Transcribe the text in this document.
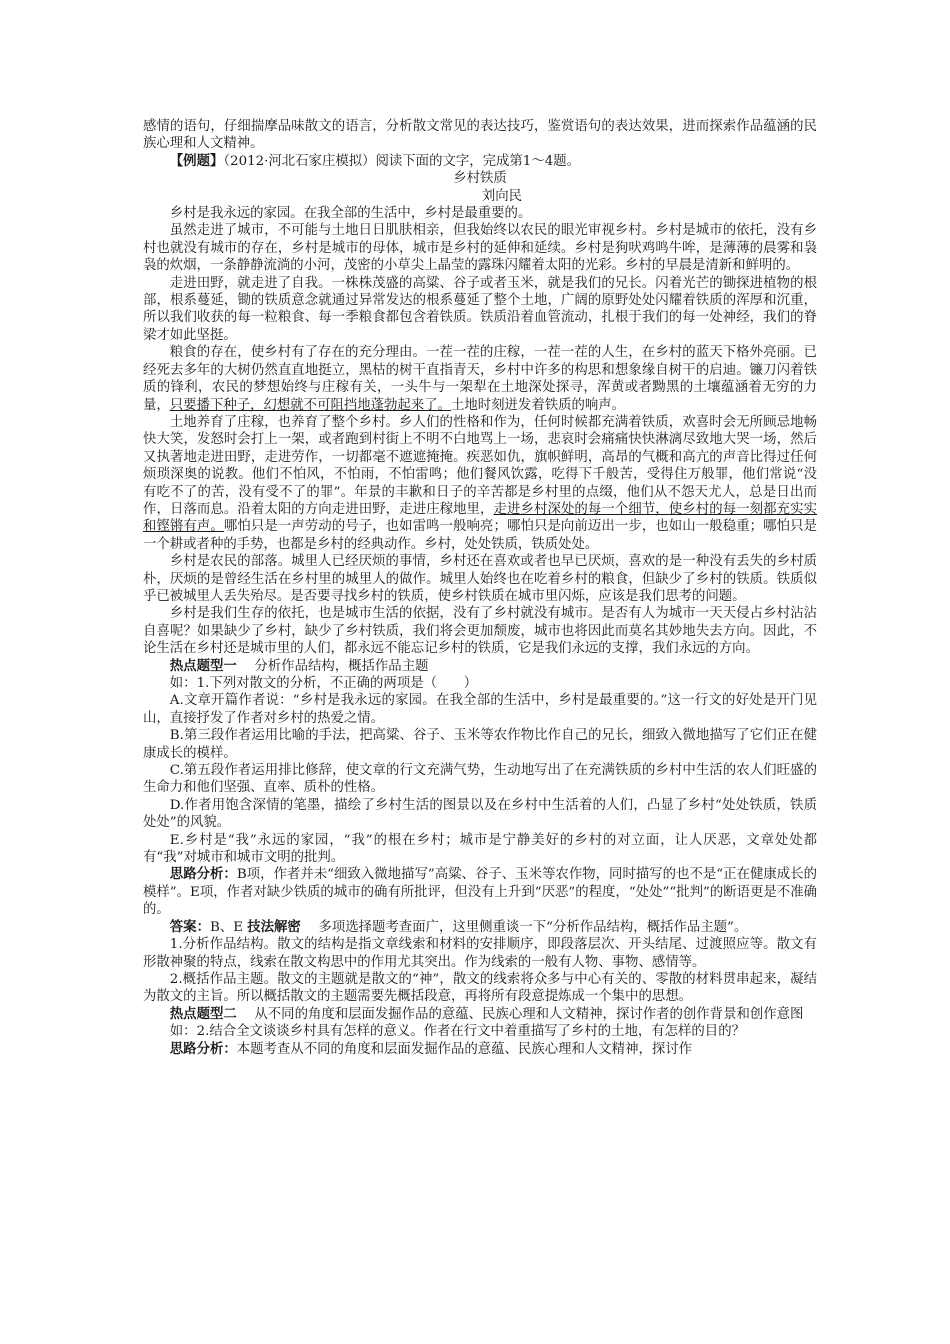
感情的语句，仔细揣摩品味散文的语言，分析散文常见的表达技巧，鉴赏语句的表达效果，进而探索作品蕴涵的民族心理和人文精神。

【例题】（2012·河北石家庄模拟）阅读下面的文字，完成第1～4题。

乡村铁质

刘向民

乡村是我永远的家园。在我全部的生活中，乡村是最重要的。

虽然走进了城市，不可能与土地日日肌肤相亲，但我始终以农民的眼光审视乡村。乡村是城市的依托，没有乡村也就没有城市的存在，乡村是城市的母体，城市是乡村的延伸和延续。乡村是狗吠鸡鸣牛哞，是薄薄的晨雾和袅袅的炊烟，一条静静流淌的小河，茂密的小草尖上晶莹的露珠闪耀着太阳的光彩。乡村的早晨是清新和鲜明的。

走进田野，就走进了自我。一株株茂盛的高粱、谷子或者玉米，就是我们的兄长。闪着光芒的锄探进植物的根部，根系蔓延，锄的铁质意念就通过异常发达的根系蔓延了整个土地，广阔的原野处处闪耀着铁质的浑厚和沉重，所以我们收获的每一粒粮食、每一季粮食都包含着铁质。铁质沿着血管流动，扎根于我们的每一处神经，我们的脊梁才如此坚挺。

粮食的存在，使乡村有了存在的充分理由。一茬一茬的庄稼，一茬一茬的人生，在乡村的蓝天下格外亮丽。已经死去多年的大树仍然直直地挺立，黑枯的树干直指青天，乡村中许多的构思和想象缘自树干的启迪。镰刀闪着铁质的锋利，农民的梦想始终与庄稼有关，一头牛与一架犁在土地深处探寻，浑黄或者黝黑的土壤蕴涵着无穷的力量，只要播下种子，幻想就不可阻挡地蓬勃起来了。土地时刻迸发着铁质的响声。

土地养育了庄稼，也养育了整个乡村。乡人们的性格和作为，任何时候都充满着铁质，欢喜时会无所顾忌地畅快大笑，发怒时会打上一架，或者跑到村街上不明不白地骂上一场，悲哀时会痛痛快快淋漓尽致地大哭一场，然后又执著地走进田野，走进劳作，一切都毫不遮遮掩掩。疾恶如仇，旗帜鲜明，高昂的气概和高亢的声音比得过任何烦琐深奥的说教。他们不怕风，不怕雨，不怕雷鸣；他们餐风饮露，吃得下千般苦，受得住万般罪，他们常说“没有吃不了的苦，没有受不了的罪”。年景的丰歉和日子的辛苦都是乡村里的点缀，他们从不怨天尤人，总是日出而作，日落而息。沿着太阳的方向走进田野，走进庄稼地里，走进乡村深处的每一个细节，使乡村的每一刻都充实实和铿锵有声。哪怕只是一声劳动的号子，也如雷鸣一般响亮；哪怕只是向前迈出一步，也如山一般稳重；哪怕只是一个耕或者种的手势，也都是乡村的经典动作。乡村，处处铁质，铁质处处。

乡村是农民的部落。城里人已经厌烦的事情，乡村还在喜欢或者也早已厌烦，喜欢的是一种没有丢失的乡村质朴，厌烦的是曾经生活在乡村里的城里人的做作。城里人始终也在吃着乡村的粮食，但缺少了乡村的铁质。铁质似乎已被城里人丢失殆尽。是否要寻找乡村的铁质，使乡村铁质在城市里闪烁，应该是我们思考的问题。

乡村是我们生存的依托，也是城市生活的依据，没有了乡村就没有城市。是否有人为城市一天天侵占乡村沾沾自喜呢？如果缺少了乡村，缺少了乡村铁质，我们将会更加颓废，城市也将因此而莫名其妙地失去方向。因此，不论生活在乡村还是城市里的人们，都永远不能忘记乡村的铁质，它是我们永远的支撑，我们永远的方向。

热点题型一　 分析作品结构，概括作品主题

如：1.下列对散文的分析，不正确的两项是（　　）

A.文章开篇作者说：“乡村是我永远的家园。在我全部的生活中，乡村是最重要的。”这一行文的好处是开门见山，直接抒发了作者对乡村的热爱之情。

B.第三段作者运用比喻的手法，把高粱、谷子、玉米等农作物比作自己的兄长，细致入微地描写了它们正在健康成长的模样。

C.第五段作者运用排比修辞，使文章的行文充满气势，生动地写出了在充满铁质的乡村中生活的农人们旺盛的生命力和他们坚强、直率、质朴的性格。

D.作者用饱含深情的笔墨，描绘了乡村生活的图景以及在乡村中生活着的人们，凸显了乡村“处处铁质，铁质处处”的风貌。

E.乡村是“我”永远的家园，“我”的根在乡村；城市是宁静美好的乡村的对立面，让人厌恶，文章处处都有“我”对城市和城市文明的批判。

思路分析：B项，作者并未“细致入微地描写”高粱、谷子、玉米等农作物，同时描写的也不是“正在健康成长的模样”。E项，作者对缺少铁质的城市的确有所批评，但没有上升到“厌恶”的程度，“处处”“批判”的断语更是不准确的。

答案：B、E 技法解密　 多项选择题考查面广，这里侧重谈一下“分析作品结构，概括作品主题”。

1.分析作品结构。散文的结构是指文章线索和材料的安排顺序，即段落层次、开头结尾、过渡照应等。散文有形散神聚的特点，线索在散文构思中的作用尤其突出。作为线索的一般有人物、事物、感情等。

2.概括作品主题。散文的主题就是散文的“神”，散文的线索将众多与中心有关的、零散的材料贯串起来，凝结为散文的主旨。所以概括散文的主题需要先概括段意，再将所有段意提炼成一个集中的思想。

热点题型二　 从不同的角度和层面发掘作品的意蕴、民族心理和人文精神，探讨作者的创作背景和创作意图

如：2.结合全文谈谈乡村具有怎样的意义。作者在行文中着重描写了乡村的土地，有怎样的目的？

思路分析：本题考查从不同的角度和层面发掘作品的意蕴、民族心理和人文精神，探讨作
